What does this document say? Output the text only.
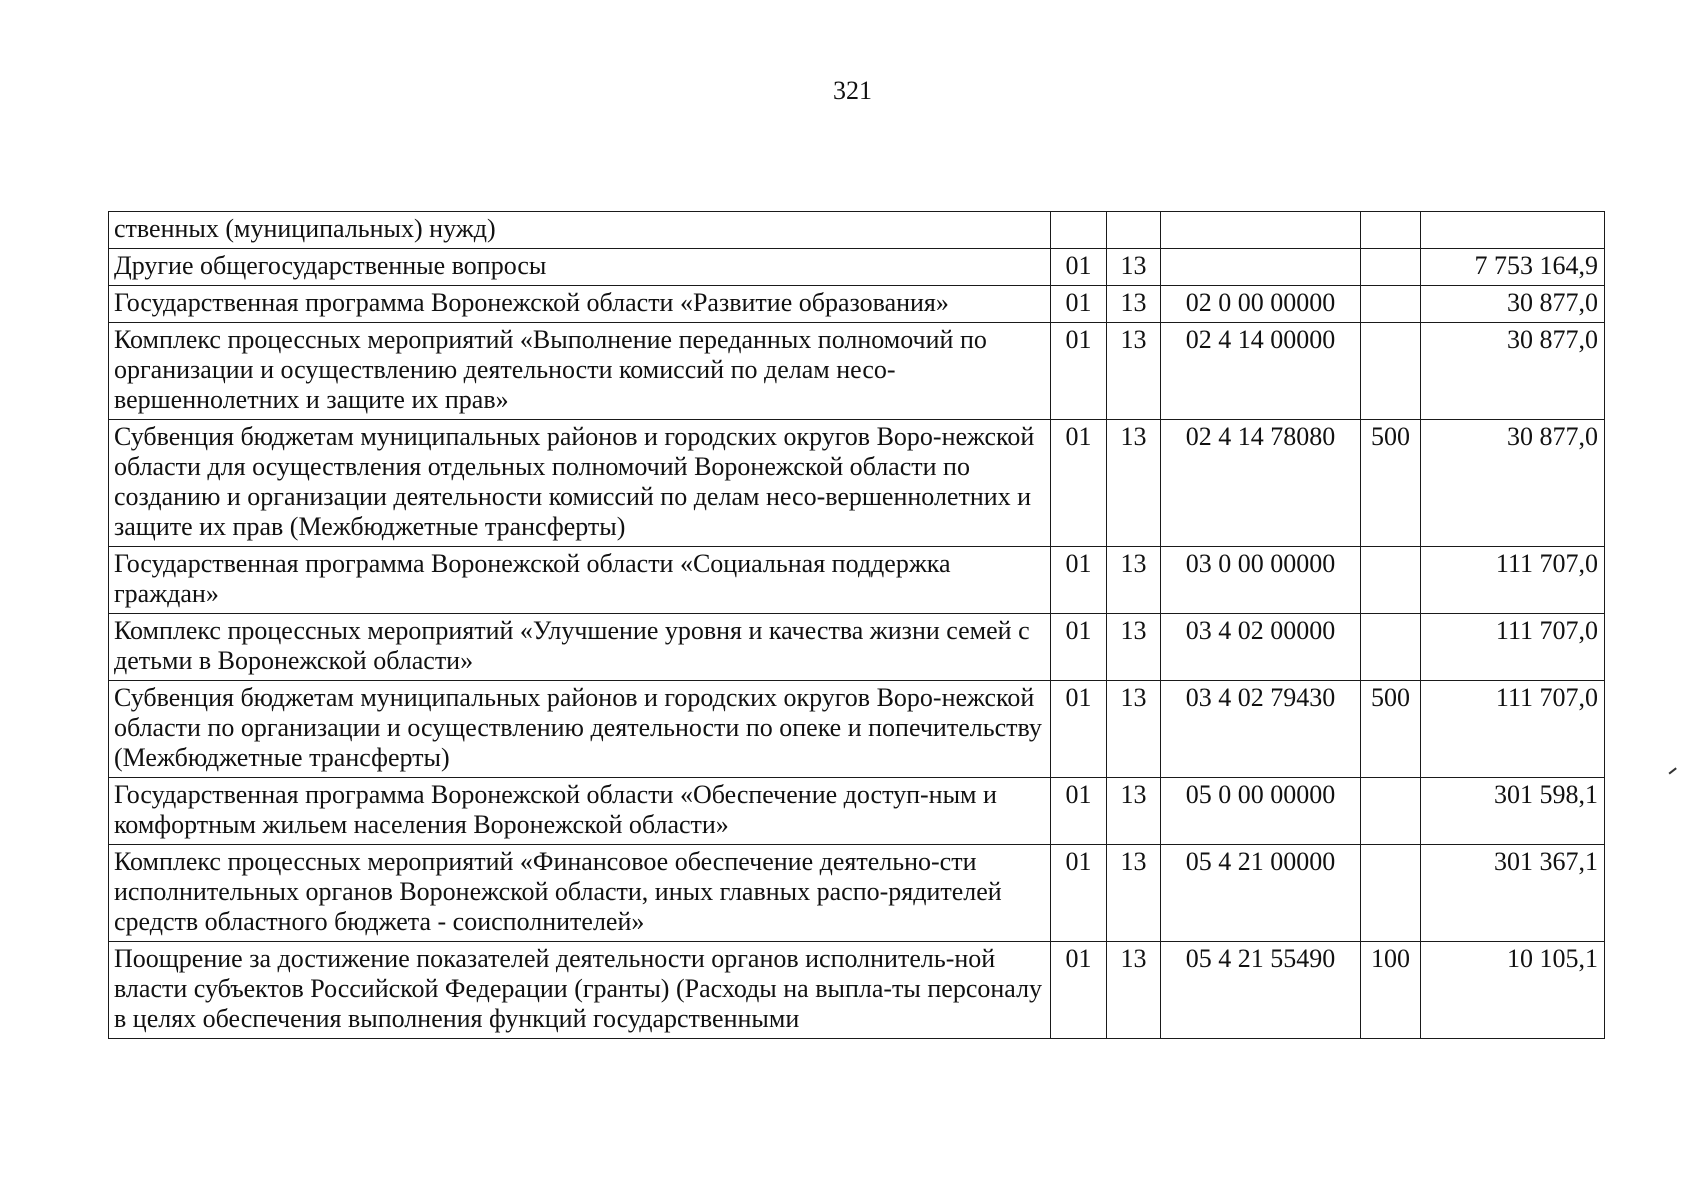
321
ственных (муниципальных) нужд)					
Другие общегосударственные вопросы	01	13			7 753 164,9
Государственная программа Воронежской области «Развитие образования»	01	13	02 0 00 00000		30 877,0
Комплекс процессных мероприятий «Выполнение переданных полномочий по организации и осуществлению деятельности комиссий по делам несо-вершеннолетних и защите их прав»	01	13	02 4 14 00000		30 877,0
Субвенция бюджетам муниципальных районов и городских округов Воро-нежской области для осуществления отдельных полномочий Воронежской области по созданию и организации деятельности комиссий по делам несо-вершеннолетних и защите их прав (Межбюджетные трансферты)	01	13	02 4 14 78080	500	30 877,0
Государственная программа Воронежской области «Социальная поддержка граждан»	01	13	03 0 00 00000		111 707,0
Комплекс процессных мероприятий «Улучшение уровня и качества жизни семей с детьми в Воронежской области»	01	13	03 4 02 00000		111 707,0
Субвенция бюджетам муниципальных районов и городских округов Воро-нежской области по организации и осуществлению деятельности по опеке и попечительству (Межбюджетные трансферты)	01	13	03 4 02 79430	500	111 707,0
Государственная программа Воронежской области «Обеспечение доступ-ным и комфортным жильем населения Воронежской области»	01	13	05 0 00 00000		301 598,1
Комплекс процессных мероприятий «Финансовое обеспечение деятельно-сти исполнительных органов Воронежской области, иных главных распо-рядителей средств областного бюджета - соисполнителей»	01	13	05 4 21 00000		301 367,1
Поощрение за достижение показателей деятельности органов исполнитель-ной власти субъектов Российской Федерации (гранты) (Расходы на выпла-ты персоналу в целях обеспечения выполнения функций государственными	01	13	05 4 21 55490	100	10 105,1
